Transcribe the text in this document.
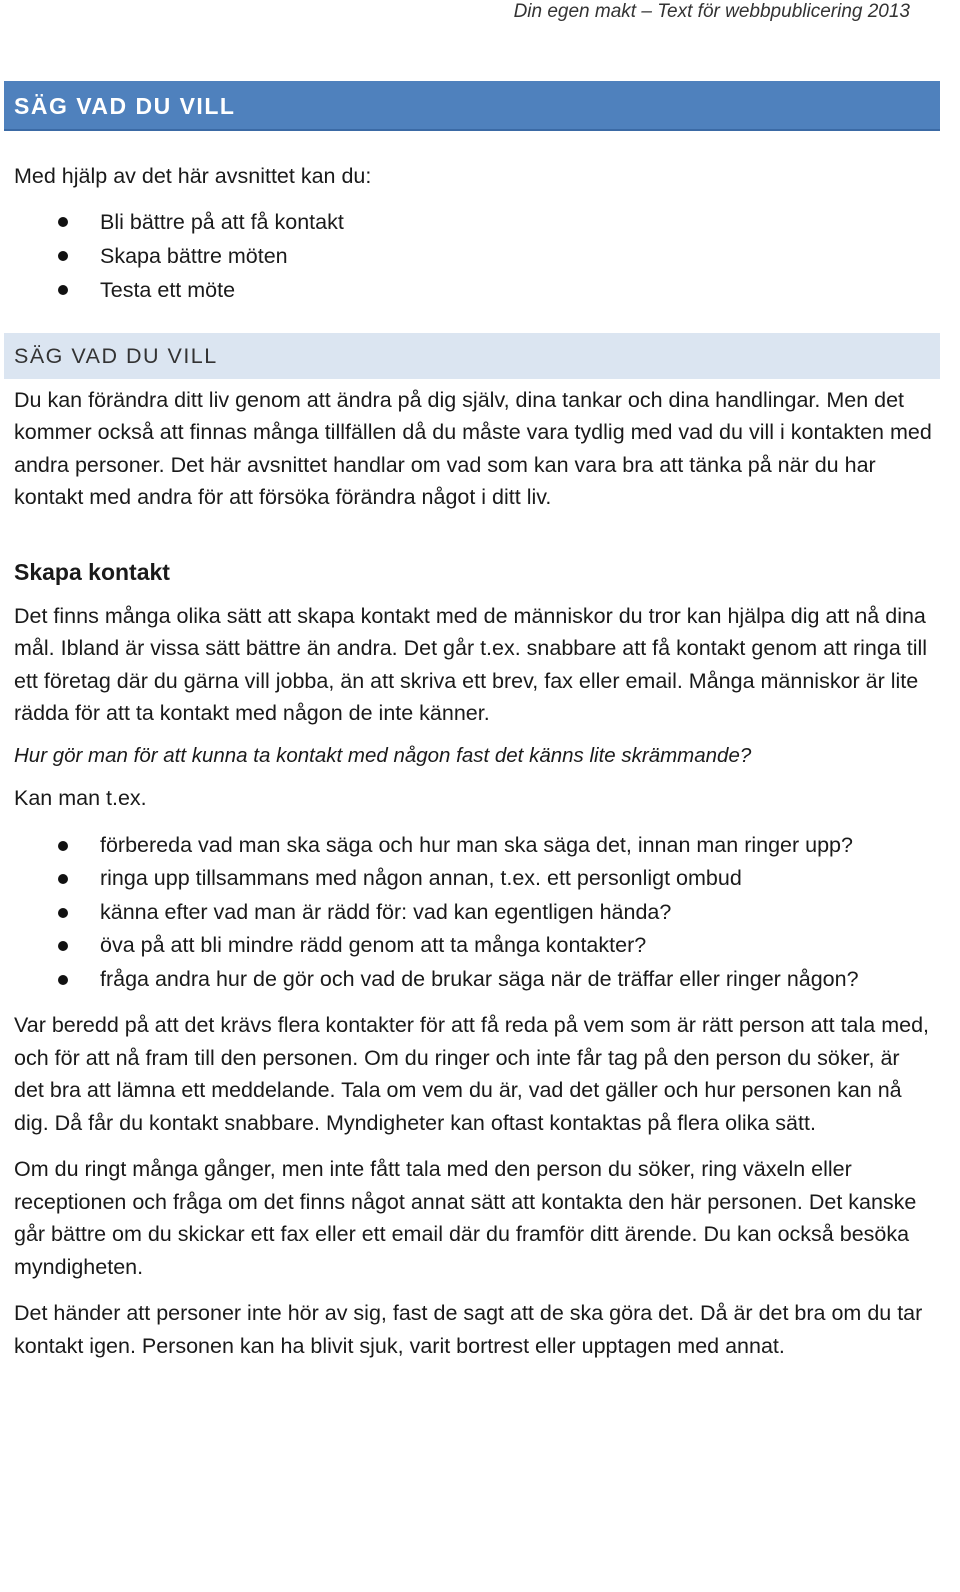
Din egen makt – Text för webbpublicering 2013
SÄG VAD DU VILL

Med hjälp av det här avsnittet kan du:

Bli bättre på att få kontakt
Skapa bättre möten
Testa ett möte
SÄG VAD DU VILL

Du kan förändra ditt liv genom att ändra på dig själv, dina tankar och dina handlingar. Men det kommer också att finnas många tillfällen då du måste vara tydlig med vad du vill i kontakten med andra personer. Det här avsnittet handlar om vad som kan vara bra att tänka på när du har kontakt med andra för att försöka förändra något i ditt liv.

Skapa kontakt

Det finns många olika sätt att skapa kontakt med de människor du tror kan hjälpa dig att nå dina mål. Ibland är vissa sätt bättre än andra. Det går t.ex. snabbare att få kontakt genom att ringa till ett företag där du gärna vill jobba, än att skriva ett brev, fax eller email. Många människor är lite rädda för att ta kontakt med någon de inte känner.

Hur gör man för att kunna ta kontakt med någon fast det känns lite skrämmande?

Kan man t.ex.

förbereda vad man ska säga och hur man ska säga det, innan man ringer upp?
ringa upp tillsammans med någon annan, t.ex. ett personligt ombud
känna efter vad man är rädd för: vad kan egentligen hända?
öva på att bli mindre rädd genom att ta många kontakter?
fråga andra hur de gör och vad de brukar säga när de träffar eller ringer någon?

Var beredd på att det krävs flera kontakter för att få reda på vem som är rätt person att tala med, och för att nå fram till den personen. Om du ringer och inte får tag på den person du söker, är det bra att lämna ett meddelande. Tala om vem du är, vad det gäller och hur personen kan nå dig. Då får du kontakt snabbare. Myndigheter kan oftast kontaktas på flera olika sätt.

Om du ringt många gånger, men inte fått tala med den person du söker, ring växeln eller receptionen och fråga om det finns något annat sätt att kontakta den här personen. Det kanske går bättre om du skickar ett fax eller ett email där du framför ditt ärende. Du kan också besöka myndigheten.

Det händer att personer inte hör av sig, fast de sagt att de ska göra det. Då är det bra om du tar kontakt igen. Personen kan ha blivit sjuk, varit bortrest eller upptagen med annat.
